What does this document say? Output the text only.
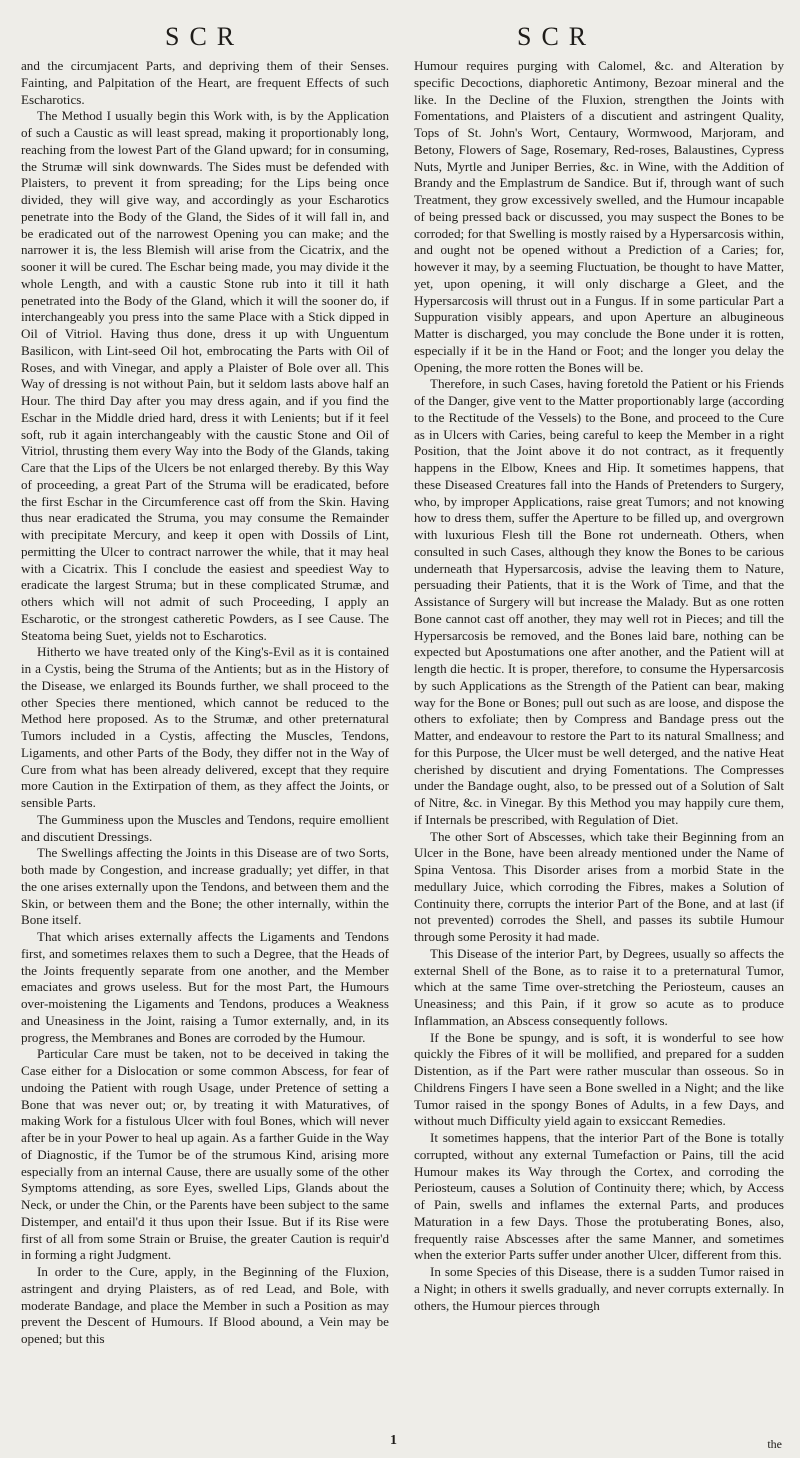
SCR	SCR

and the circumjacent Parts, and depriving them of their Senses. Fainting, and Palpitation of the Heart, are frequent Effects of such Escharotics.

The Method I usually begin this Work with, is by the Application of such a Caustic as will least spread, making it proportionably long, reaching from the lowest Part of the Gland upward; for in consuming, the Strumæ will sink downwards. The Sides must be defended with Plaisters, to prevent it from spreading; for the Lips being once divided, they will give way, and accordingly as your Escharotics penetrate into the Body of the Gland, the Sides of it will fall in, and be eradicated out of the narrowest Opening you can make; and the narrower it is, the less Blemish will arise from the Cicatrix, and the sooner it will be cured. The Eschar being made, you may divide it the whole Length, and with a caustic Stone rub into it till it hath penetrated into the Body of the Gland, which it will the sooner do, if interchangeably you press into the same Place with a Stick dipped in Oil of Vitriol. Having thus done, dress it up with Unguentum Basilicon, with Lint-seed Oil hot, embrocating the Parts with Oil of Roses, and with Vinegar, and apply a Plaister of Bole over all. This Way of dressing is not without Pain, but it seldom lasts above half an Hour. The third Day after you may dress again, and if you find the Eschar in the Middle dried hard, dress it with Lenients; but if it feel soft, rub it again interchangeably with the caustic Stone and Oil of Vitriol, thrusting them every Way into the Body of the Glands, taking Care that the Lips of the Ulcers be not enlarged thereby. By this Way of proceeding, a great Part of the Struma will be eradicated, before the first Eschar in the Circumference cast off from the Skin. Having thus near eradicated the Struma, you may consume the Remainder with precipitate Mercury, and keep it open with Dossils of Lint, permitting the Ulcer to contract narrower the while, that it may heal with a Cicatrix. This I conclude the easiest and speediest Way to eradicate the largest Struma; but in these complicated Strumæ, and others which will not admit of such Proceeding, I apply an Escharotic, or the strongest catheretic Powders, as I see Cause. The Steatoma being Suet, yields not to Escharotics.

Hitherto we have treated only of the King's-Evil as it is contained in a Cystis, being the Struma of the Antients; but as in the History of the Disease, we enlarged its Bounds further, we shall proceed to the other Species there mentioned, which cannot be reduced to the Method here proposed. As to the Strumæ, and other preternatural Tumors included in a Cystis, affecting the Muscles, Tendons, Ligaments, and other Parts of the Body, they differ not in the Way of Cure from what has been already delivered, except that they require more Caution in the Extirpation of them, as they affect the Joints, or sensible Parts.

The Gumminess upon the Muscles and Tendons, require emollient and discutient Dressings.

The Swellings affecting the Joints in this Disease are of two Sorts, both made by Congestion, and increase gradually; yet differ, in that the one arises externally upon the Tendons, and between them and the Skin, or between them and the Bone; the other internally, within the Bone itself.

That which arises externally affects the Ligaments and Tendons first, and sometimes relaxes them to such a Degree, that the Heads of the Joints frequently separate from one another, and the Member emaciates and grows useless. But for the most Part, the Humours over-moistening the Ligaments and Tendons, produces a Weakness and Uneasiness in the Joint, raising a Tumor externally, and, in its progress, the Membranes and Bones are corroded by the Humour.

Particular Care must be taken, not to be deceived in taking the Case either for a Dislocation or some common Abscess, for fear of undoing the Patient with rough Usage, under Pretence of setting a Bone that was never out; or, by treating it with Maturatives, of making Work for a fistulous Ulcer with foul Bones, which will never after be in your Power to heal up again. As a farther Guide in the Way of Diagnostic, if the Tumor be of the strumous Kind, arising more especially from an internal Cause, there are usually some of the other Symptoms attending, as sore Eyes, swelled Lips, Glands about the Neck, or under the Chin, or the Parents have been subject to the same Distemper, and entail'd it thus upon their Issue. But if its Rise were first of all from some Strain or Bruise, the greater Caution is requir'd in forming a right Judgment.

In order to the Cure, apply, in the Beginning of the Fluxion, astringent and drying Plaisters, as of red Lead, and Bole, with moderate Bandage, and place the Member in such a Position as may prevent the Descent of Humours. If Blood abound, a Vein may be opened; but this

Humour requires purging with Calomel, &c. and Alteration by specific Decoctions, diaphoretic Antimony, Bezoar mineral and the like. In the Decline of the Fluxion, strengthen the Joints with Fomentations, and Plaisters of a discutient and astringent Quality, Tops of St. John's Wort, Centaury, Wormwood, Marjoram, and Betony, Flowers of Sage, Rosemary, Red-roses, Balaustines, Cypress Nuts, Myrtle and Juniper Berries, &c. in Wine, with the Addition of Brandy and the Emplastrum de Sandice. But if, through want of such Treatment, they grow excessively swelled, and the Humour incapable of being pressed back or discussed, you may suspect the Bones to be corroded; for that Swelling is mostly raised by a Hypersarcosis within, and ought not be opened without a Prediction of a Caries; for, however it may, by a seeming Fluctuation, be thought to have Matter, yet, upon opening, it will only discharge a Gleet, and the Hypersarcosis will thrust out in a Fungus. If in some particular Part a Suppuration visibly appears, and upon Aperture an albugineous Matter is discharged, you may conclude the Bone under it is rotten, especially if it be in the Hand or Foot; and the longer you delay the Opening, the more rotten the Bones will be.

Therefore, in such Cases, having foretold the Patient or his Friends of the Danger, give vent to the Matter proportionably large (according to the Rectitude of the Vessels) to the Bone, and proceed to the Cure as in Ulcers with Caries, being careful to keep the Member in a right Position, that the Joint above it do not contract, as it frequently happens in the Elbow, Knees and Hip. It sometimes happens, that these Diseased Creatures fall into the Hands of Pretenders to Surgery, who, by improper Applications, raise great Tumors; and not knowing how to dress them, suffer the Aperture to be filled up, and overgrown with luxurious Flesh till the Bone rot underneath. Others, when consulted in such Cases, although they know the Bones to be carious underneath that Hypersarcosis, advise the leaving them to Nature, persuading their Patients, that it is the Work of Time, and that the Assistance of Surgery will but increase the Malady. But as one rotten Bone cannot cast off another, they may well rot in Pieces; and till the Hypersarcosis be removed, and the Bones laid bare, nothing can be expected but Apostumations one after another, and the Patient will at length die hectic. It is proper, therefore, to consume the Hypersarcosis by such Applications as the Strength of the Patient can bear, making way for the Bone or Bones; pull out such as are loose, and dispose the others to exfoliate; then by Compress and Bandage press out the Matter, and endeavour to restore the Part to its natural Smallness; and for this Purpose, the Ulcer must be well deterged, and the native Heat cherished by discutient and drying Fomentations. The Compresses under the Bandage ought, also, to be pressed out of a Solution of Salt of Nitre, &c. in Vinegar. By this Method you may happily cure them, if Internals be prescribed, with Regulation of Diet.

The other Sort of Abscesses, which take their Beginning from an Ulcer in the Bone, have been already mentioned under the Name of Spina Ventosa. This Disorder arises from a morbid State in the medullary Juice, which corroding the Fibres, makes a Solution of Continuity there, corrupts the interior Part of the Bone, and at last (if not prevented) corrodes the Shell, and passes its subtile Humour through some Perosity it had made.

This Disease of the interior Part, by Degrees, usually so affects the external Shell of the Bone, as to raise it to a preternatural Tumor, which at the same Time over-stretching the Periosteum, causes an Uneasiness; and this Pain, if it grow so acute as to produce Inflammation, an Abscess consequently follows.

If the Bone be spungy, and is soft, it is wonderful to see how quickly the Fibres of it will be mollified, and prepared for a sudden Distention, as if the Part were rather muscular than osseous. So in Childrens Fingers I have seen a Bone swelled in a Night; and the like Tumor raised in the spongy Bones of Adults, in a few Days, and without much Difficulty yield again to exsiccant Remedies.

It sometimes happens, that the interior Part of the Bone is totally corrupted, without any external Tumefaction or Pains, till the acid Humour makes its Way through the Cortex, and corroding the Periosteum, causes a Solution of Continuity there; which, by Access of Pain, swells and inflames the external Parts, and produces Maturation in a few Days. Those the protuberating Bones, also, frequently raise Abscesses after the same Manner, and sometimes when the exterior Parts suffer under another Ulcer, different from this.

In some Species of this Disease, there is a sudden Tumor raised in a Night; in others it swells gradually, and never corrupts externally. In others, the Humour pierces through

1	the
